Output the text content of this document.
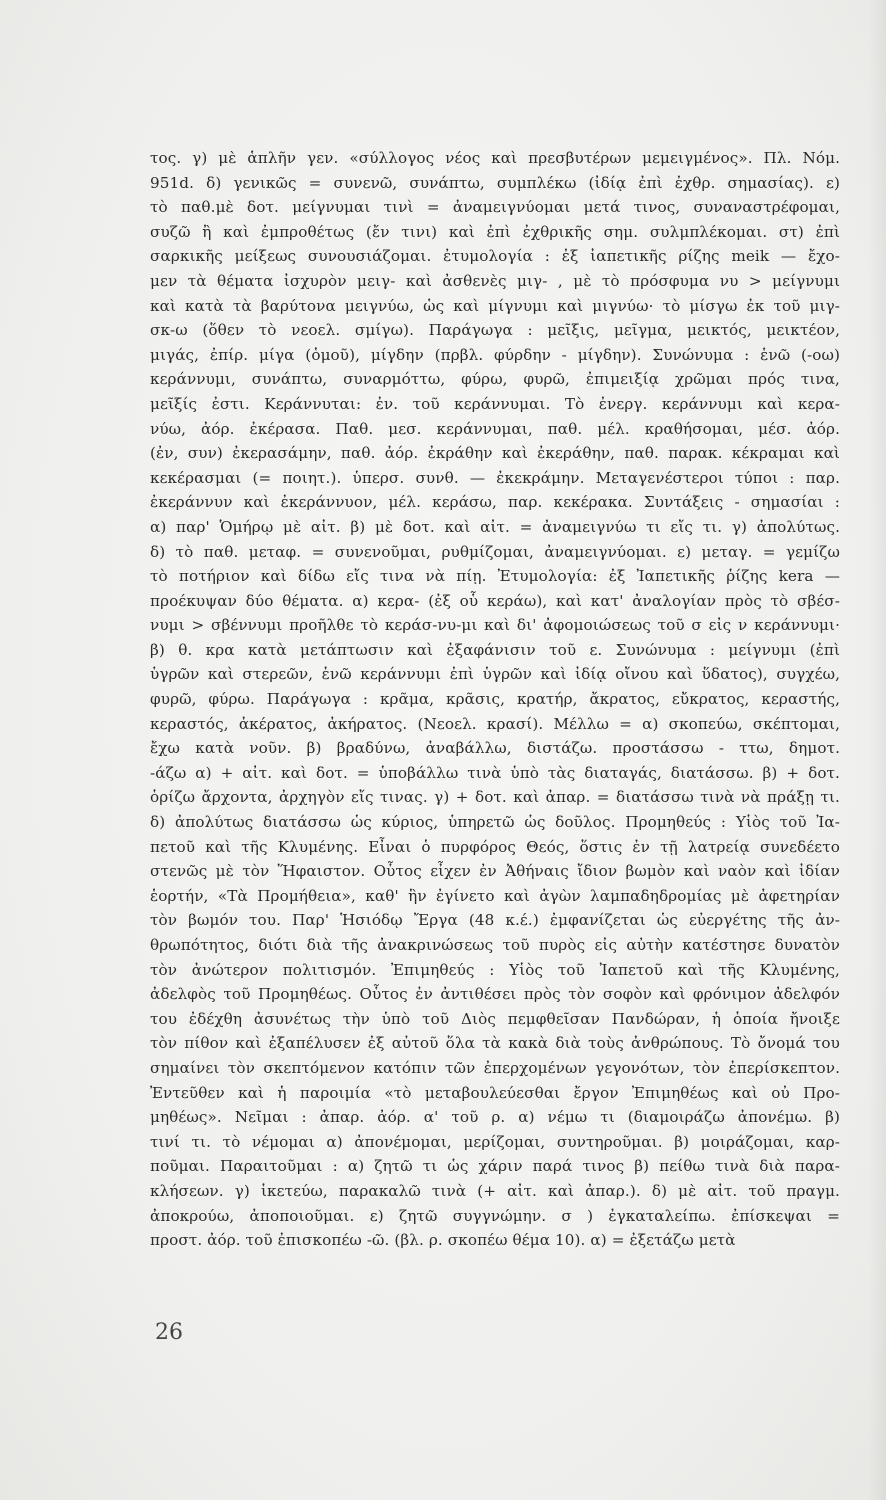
τος. γ) μὲ ἁπλῆν γεν. «σύλλογος νέος καὶ πρεσβυτέρων μεμειγμένος». Πλ. Νόμ.
951d. δ) γενικῶς = συνενῶ, συνάπτω, συμπλέκω (ἰδίᾳ ἐπὶ ἐχθρ. σημασίας). ε)
τὸ παθ.μὲ δοτ. μείγνυμαι τινὶ = ἀναμειγνύομαι μετά τινος, συναναστρέφομαι,
συζῶ ἢ καὶ ἐμπροθέτως (ἔν τινι) καὶ ἐπὶ ἐχθρικῆς σημ. συλμπλέκομαι. στ) ἐπὶ
σαρκικῆς μείξεως συνουσιάζομαι. ἐτυμολογία : ἐξ ἰαπετικῆς ρίζης meik — ἔχο-
μεν τὰ θέματα ἰσχυρὸν μειγ- καὶ ἀσθενὲς μιγ- , μὲ τὸ πρόσφυμα νυ > μείγνυμι
καὶ κατὰ τὰ βαρύτονα μειγνύω, ὡς καὶ μίγνυμι καὶ μιγνύω· τὸ μίσγω ἐκ τοῦ μιγ-
σκ-ω (ὅθεν τὸ νεοελ. σμίγω). Παράγωγα : μεῖξις, μεῖγμα, μεικτός, μεικτέον,
μιγάς, ἐπίρ. μίγα (ὁμοῦ), μίγδην (πρβλ. φύρδην - μίγδην). Συνώνυμα : ἑνῶ (-οω)
κεράννυμι, συνάπτω, συναρμόττω, φύρω, φυρῶ, ἐπιμειξίᾳ χρῶμαι πρός τινα,
μεῖξίς ἐστι. Κεράννυται: ἐν. τοῦ κεράννυμαι. Τὸ ἐνεργ. κεράννυμι καὶ κερα-
νύω, ἀόρ. ἐκέρασα. Παθ. μεσ. κεράννυμαι, παθ. μέλ. κραθήσομαι, μέσ. ἀόρ.
(ἐν, συν) ἐκερασάμην, παθ. ἀόρ. ἐκράθην καὶ ἐκεράθην, παθ. παρακ. κέκραμαι καὶ
κεκέρασμαι (= ποιητ.). ὑπερσ. συνθ. — ἐκεκράμην. Μεταγενέστεροι τύποι : παρ.
ἐκεράννυν καὶ ἐκεράννυον, μέλ. κεράσω, παρ. κεκέρακα. Συντάξεις - σημασίαι :
α) παρ' Ὁμήρῳ μὲ αἰτ. β) μὲ δοτ. καὶ αἰτ. = ἀναμειγνύω τι εἴς τι. γ) ἀπολύτως.
δ) τὸ παθ. μεταφ. = συνενοῦμαι, ρυθμίζομαι, ἀναμειγνύομαι. ε) μεταγ. = γεμίζω
τὸ ποτήριον καὶ δίδω εἴς τινα νὰ πίῃ. Ἐτυμολογία: ἐξ Ἰαπετικῆς ῥίζης kera —
προέκυψαν δύο θέματα. α) κερα- (ἐξ οὗ κεράω), καὶ κατ' ἀναλογίαν πρὸς τὸ σβέσ-
νυμι > σβέννυμι προῆλθε τὸ κεράσ-νυ-μι καὶ δι' ἀφομοιώσεως τοῦ σ εἰς ν κεράννυμι·
β) θ. κρα κατὰ μετάπτωσιν καὶ ἐξαφάνισιν τοῦ ε. Συνώνυμα : μείγνυμι (ἐπὶ
ὑγρῶν καὶ στερεῶν, ἑνῶ κεράννυμι ἐπὶ ὑγρῶν καὶ ἰδίᾳ οἴνου καὶ ὕδατος), συγχέω,
φυρῶ, φύρω. Παράγωγα : κρᾶμα, κρᾶσις, κρατήρ, ἄκρατος, εὔκρατος, κεραστής,
κεραστός, ἀκέρατος, ἀκήρατος. (Νεοελ. κρασί). Μέλλω = α) σκοπεύω, σκέπτομαι,
ἔχω κατὰ νοῦν. β) βραδύνω, ἀναβάλλω, διστάζω. προστάσσω - ττω, δημοτ.
-άζω α) + αἰτ. καὶ δοτ. = ὑποβάλλω τινὰ ὑπὸ τὰς διαταγάς, διατάσσω. β) + δοτ.
ὁρίζω ἄρχοντα, ἀρχηγὸν εἴς τινας. γ) + δοτ. καὶ ἀπαρ. = διατάσσω τινὰ νὰ πράξῃ τι.
δ) ἀπολύτως διατάσσω ὡς κύριος, ὑπηρετῶ ὡς δοῦλος. Προμηθεύς : Υἱὸς τοῦ Ἰα-
πετοῦ καὶ τῆς Κλυμένης. Εἶναι ὁ πυρφόρος Θεός, ὅστις ἐν τῇ λατρείᾳ συνεδέετο
στενῶς μὲ τὸν Ἥφαιστον. Οὗτος εἶχεν ἐν Ἀθήναις ἴδιον βωμὸν καὶ ναὸν καὶ ἰδίαν
ἑορτήν, «Τὰ Προμήθεια», καθ' ἣν ἐγίνετο καὶ ἀγὼν λαμπαδηδρομίας μὲ ἀφετηρίαν
τὸν βωμόν του. Παρ' Ἡσιόδῳ Ἔργα (48 κ.έ.) ἐμφανίζεται ὡς εὐεργέτης τῆς ἀν-
θρωπότητος, διότι διὰ τῆς ἀνακρινώσεως τοῦ πυρὸς εἰς αὐτὴν κατέστησε δυνατὸν
τὸν ἀνώτερον πολιτισμόν. Ἐπιμηθεύς : Υἱὸς τοῦ Ἰαπετοῦ καὶ τῆς Κλυμένης,
ἀδελφὸς τοῦ Προμηθέως. Οὗτος ἐν ἀντιθέσει πρὸς τὸν σοφὸν καὶ φρόνιμον ἀδελφόν
του ἐδέχθη ἀσυνέτως τὴν ὑπὸ τοῦ Διὸς πεμφθεῖσαν Πανδώραν, ἡ ὁποία ἤνοιξε
τὸν πίθον καὶ ἐξαπέλυσεν ἐξ αὐτοῦ ὅλα τὰ κακὰ διὰ τοὺς ἀνθρώπους. Τὸ ὄνομά του
σημαίνει τὸν σκεπτόμενον κατόπιν τῶν ἐπερχομένων γεγονότων, τὸν ἐπερίσκεπτον.
Ἐντεῦθεν καὶ ἡ παροιμία «τὸ μεταβουλεύεσθαι ἔργον Ἐπιμηθέως καὶ οὐ Προ-
μηθέως». Νεῖμαι : ἀπαρ. ἀόρ. α' τοῦ ρ. α) νέμω τι (διαμοιράζω ἀπονέμω. β)
τινί τι. τὸ νέμομαι α) ἀπονέμομαι, μερίζομαι, συντηροῦμαι. β) μοιράζομαι, καρ-
ποῦμαι. Παραιτοῦμαι : α) ζητῶ τι ὡς χάριν παρά τινος β) πείθω τινὰ διὰ παρα-
κλήσεων. γ) ἱκετεύω, παρακαλῶ τινὰ (+ αἰτ. καὶ ἀπαρ.). δ) μὲ αἰτ. τοῦ πραγμ.
ἀποκρούω, ἀποποιοῦμαι. ε) ζητῶ συγγνώμην. σ ) ἐγκαταλείπω. ἐπίσκεψαι =
προστ. ἀόρ. τοῦ ἐπισκοπέω -ῶ. (βλ. ρ. σκοπέω θέμα 10). α) = ἐξετάζω μετὰ
26
